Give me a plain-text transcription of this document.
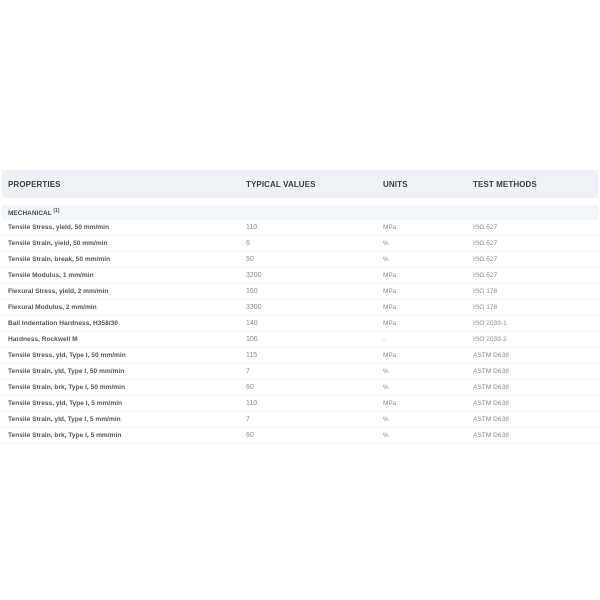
PROPERTIES	TYPICAL VALUES	UNITS	TEST METHODS

MECHANICAL $^{(1)}$
Tensile Stress, yield, 50 mm/min	110	MPa	ISO 527
Tensile Strain, yield, 50 mm/min	6	%	ISO 527
Tensile Strain, break, 50 mm/min	50	%	ISO 527
Tensile Modulus, 1 mm/min	3200	MPa	ISO 527
Flexural Stress, yield, 2 mm/min	160	MPa	ISO 178
Flexural Modulus, 2 mm/min	3300	MPa	ISO 178
Ball Indentation Hardness, H358/30	140	MPa	ISO 2039-1
Hardness, Rockwell M	106	-	ISO 2039-2
Tensile Stress, yld, Type I, 50 mm/min	115	MPa	ASTM D638
Tensile Strain, yld, Type I, 50 mm/min	7	%	ASTM D638
Tensile Strain, brk, Type I, 50 mm/min	60	%	ASTM D638
Tensile Stress, yld, Type I, 5 mm/min	110	MPa	ASTM D638
Tensile Strain, yld, Type I, 5 mm/min	7	%	ASTM D638
Tensile Strain, brk, Type I, 5 mm/min	60	%	ASTM D638
